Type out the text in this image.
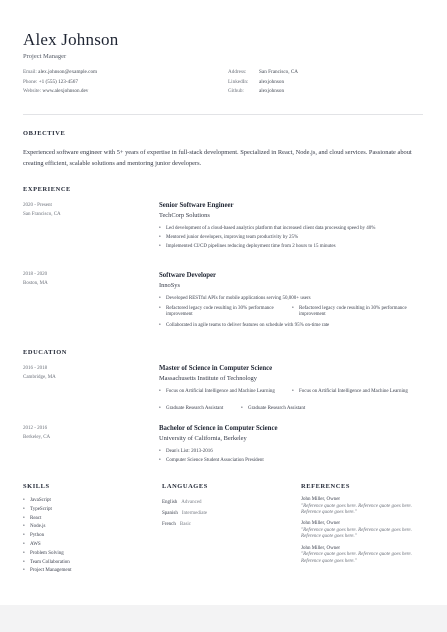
Alex Johnson
Project Manager
Email: alex.johnson@example.com
Phone: +1 (555) 123-4567
Website: www.alexjohnson.dev
Address: San Francisco, CA
LinkedIn: alexjohnson
Github:	alexjohnson
OBJECTIVE
Experienced software engineer with 5+ years of expertise in full-stack development. Specialized in React, Node.js, and cloud services. Passionate about creating efficient, scalable solutions and mentoring junior developers.
EXPERIENCE
2020 - Present
San Francisco, CA
Senior Software Engineer
TechCorp Solutions
• Led development of a cloud-based analytics platform that increased client data processing speed by 40%
• Mentored junior developers, improving team productivity by 25%
• Implemented CI/CD pipelines reducing deployment time from 2 hours to 15 minutes
2018 - 2020
Boston, MA
Software Developer
InnoSys
• Developed RESTful APIs for mobile applications serving 50,000+ users
• Refactored legacy code resulting in 30% performance improvement
• Refactored legacy code resulting in 30% performance improvement
• Collaborated in agile teams to deliver features on schedule with 95% on-time rate
EDUCATION
2016 - 2018
Cambridge, MA
Master of Science in Computer Science
Massachusetts Institute of Technology
• Focus on Artificial Intelligence and Machine Learning	• Focus on Artificial Intelligence and Machine Learning
• Graduate Research Assistant	• Graduate Research Assistant
2012 - 2016
Berkeley, CA
Bachelor of Science in Computer Science
University of California, Berkeley
• Dean's List: 2013-2016
• Computer Science Student Association President
SKILLS
• JavaScript
• TypeScript
• React
• Node.js
• Python
• AWS
• Problem Solving
• Team Collaboration
• Project Management
LANGUAGES
English Advanced
Spanish Intermediate
French Basic
REFERENCES
John Miller, Owner
"Reference quote goes here. Reference quote goes here. Reference quote goes here."
John Miller, Owner
"Reference quote goes here. Reference quote goes here. Reference quote goes here."
John Miller, Owner
"Reference quote goes here. Reference quote goes here. Reference quote goes here."
